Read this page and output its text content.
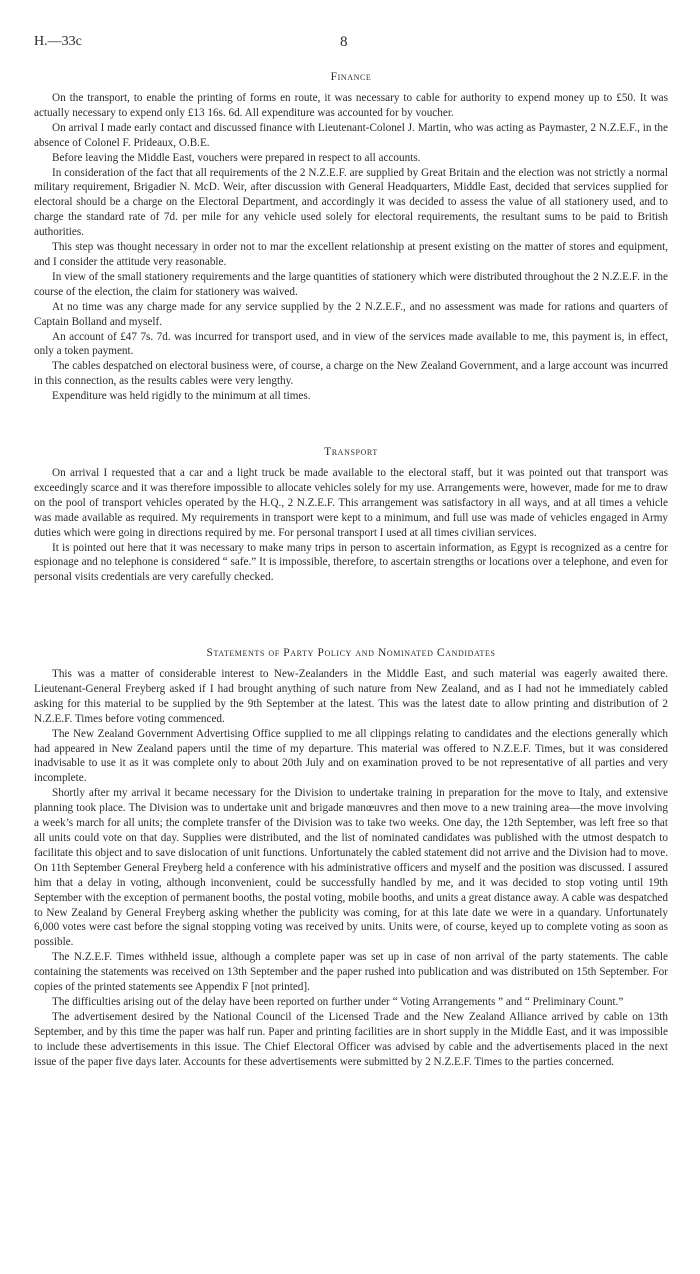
H.—33c	8
Finance

On the transport, to enable the printing of forms en route, it was necessary to cable for authority to expend money up to £50. It was actually necessary to expend only £13 16s. 6d. All expenditure was accounted for by voucher.

On arrival I made early contact and discussed finance with Lieutenant-Colonel J. Martin, who was acting as Paymaster, 2 N.Z.E.F., in the absence of Colonel F. Prideaux, O.B.E.

Before leaving the Middle East, vouchers were prepared in respect to all accounts.

In consideration of the fact that all requirements of the 2 N.Z.E.F. are supplied by Great Britain and the election was not strictly a normal military requirement, Brigadier N. McD. Weir, after discussion with General Headquarters, Middle East, decided that services supplied for electoral should be a charge on the Electoral Department, and accordingly it was decided to assess the value of all stationery used, and to charge the standard rate of 7d. per mile for any vehicle used solely for electoral requirements, the resultant sums to be paid to British authorities.

This step was thought necessary in order not to mar the excellent relationship at present existing on the matter of stores and equipment, and I consider the attitude very reasonable.

In view of the small stationery requirements and the large quantities of stationery which were distributed throughout the 2 N.Z.E.F. in the course of the election, the claim for stationery was waived.

At no time was any charge made for any service supplied by the 2 N.Z.E.F., and no assessment was made for rations and quarters of Captain Bolland and myself.

An account of £47 7s. 7d. was incurred for transport used, and in view of the services made available to me, this payment is, in effect, only a token payment.

The cables despatched on electoral business were, of course, a charge on the New Zealand Government, and a large account was incurred in this connection, as the results cables were very lengthy.

Expenditure was held rigidly to the minimum at all times.

Transport

On arrival I requested that a car and a light truck be made available to the electoral staff, but it was pointed out that transport was exceedingly scarce and it was therefore impossible to allocate vehicles solely for my use. Arrangements were, however, made for me to draw on the pool of transport vehicles operated by the H.Q., 2 N.Z.E.F. This arrangement was satisfactory in all ways, and at all times a vehicle was made available as required. My requirements in transport were kept to a minimum, and full use was made of vehicles engaged in Army duties which were going in directions required by me. For personal transport I used at all times civilian services.

It is pointed out here that it was necessary to make many trips in person to ascertain information, as Egypt is recognized as a centre for espionage and no telephone is considered “ safe.” It is impossible, therefore, to ascertain strengths or locations over a telephone, and even for personal visits credentials are very carefully checked.

Statements of Party Policy and Nominated Candidates

This was a matter of considerable interest to New-Zealanders in the Middle East, and such material was eagerly awaited there. Lieutenant-General Freyberg asked if I had brought anything of such nature from New Zealand, and as I had not he immediately cabled asking for this material to be supplied by the 9th September at the latest. This was the latest date to allow printing and distribution of 2 N.Z.E.F. Times before voting commenced.

The New Zealand Government Advertising Office supplied to me all clippings relating to candidates and the elections generally which had appeared in New Zealand papers until the time of my departure. This material was offered to N.Z.E.F. Times, but it was considered inadvisable to use it as it was complete only to about 20th July and on examination proved to be not representative of all parties and very incomplete.

Shortly after my arrival it became necessary for the Division to undertake training in preparation for the move to Italy, and extensive planning took place. The Division was to undertake unit and brigade manœuvres and then move to a new training area—the move involving a week’s march for all units; the complete transfer of the Division was to take two weeks. One day, the 12th September, was left free so that all units could vote on that day. Supplies were distributed, and the list of nominated candidates was published with the utmost despatch to facilitate this object and to save dislocation of unit functions. Unfortunately the cabled statement did not arrive and the Division had to move. On 11th September General Freyberg held a conference with his administrative officers and myself and the position was discussed. I assured him that a delay in voting, although inconvenient, could be successfully handled by me, and it was decided to stop voting until 19th September with the exception of permanent booths, the postal voting, mobile booths, and units a great distance away. A cable was despatched to New Zealand by General Freyberg asking whether the publicity was coming, for at this late date we were in a quandary. Unfortunately 6,000 votes were cast before the signal stopping voting was received by units. Units were, of course, keyed up to complete voting as soon as possible.

The N.Z.E.F. Times withheld issue, although a complete paper was set up in case of non arrival of the party statements. The cable containing the statements was received on 13th September and the paper rushed into publication and was distributed on 15th September. For copies of the printed statements see Appendix F [not printed].

The difficulties arising out of the delay have been reported on further under “ Voting Arrangements ” and “ Preliminary Count.”

The advertisement desired by the National Council of the Licensed Trade and the New Zealand Alliance arrived by cable on 13th September, and by this time the paper was half run. Paper and printing facilities are in short supply in the Middle East, and it was impossible to include these advertisements in this issue. The Chief Electoral Officer was advised by cable and the advertisements placed in the next issue of the paper five days later. Accounts for these advertisements were submitted by 2 N.Z.E.F. Times to the parties concerned.
